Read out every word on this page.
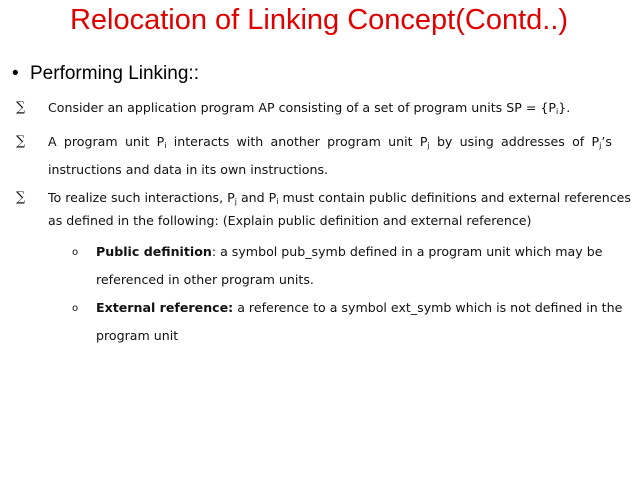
Relocation of Linking Concept(Contd..)
• Performing Linking::
∑ Consider an application program AP consisting of a set of program units SP = $\{P_i\}$.
∑ A program unit $P_i$ interacts with another program unit $P_j$ by using addresses of $P_j’s$
instructions and data in its own instructions.
∑ To realize such interactions, $P_j$ and $P_i$ must contain public definitions and external references
as defined in the following: (Explain public definition and external reference)
o Public definition: a symbol pub_symb defined in a program unit which may be
referenced in other program units.
o External reference: a reference to a symbol ext_symb which is not defined in the
program unit
